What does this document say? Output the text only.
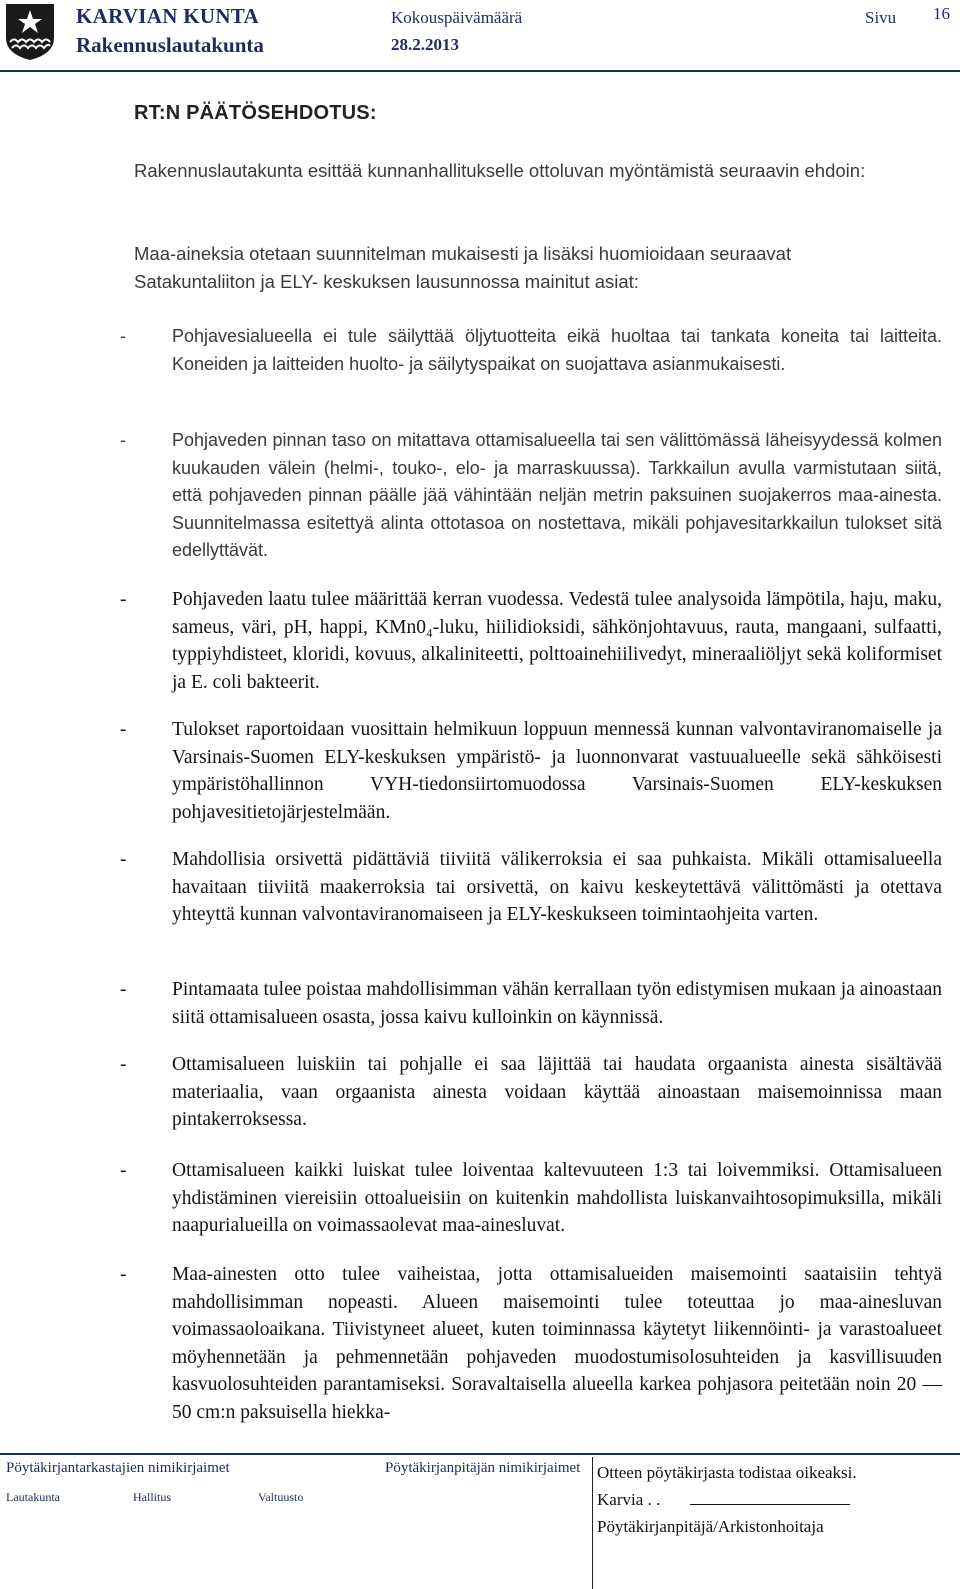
KARVIAN KUNTA
Rakennuslautakunta
Kokouspäivämäärä
28.2.2013
Sivu 16
RT:N PÄÄTÖSEHDOTUS:
Rakennuslautakunta esittää kunnanhallitukselle ottoluvan myöntämistä seuraavin ehdoin:
Maa-aineksia otetaan suunnitelman mukaisesti ja lisäksi huomioidaan seuraavat Satakuntaliiton ja ELY- keskuksen lausunnossa mainitut asiat:
-	Pohjavesialueella ei tule säilyttää öljytuotteita eikä huoltaa tai tankata koneita tai laitteita. Koneiden ja laitteiden huolto- ja säilytyspaikat on suojattava asianmukaisesti.
-	Pohjaveden pinnan taso on mitattava ottamisalueella tai sen välittömässä läheisyydessä kolmen kuukauden välein (helmi-, touko-, elo- ja marraskuussa). Tarkkailun avulla varmistutaan siitä, että pohjaveden pinnan päälle jää vähintään neljän metrin paksuinen suojakerros maa-ainesta. Suunnitelmassa esitettyä alinta ottotasoa on nostettava, mikäli pohjavesitarkkailun tulokset sitä edellyttävät.
-	Pohjaveden laatu tulee määrittää kerran vuodessa. Vedestä tulee analysoida lämpötila, haju, maku, sameus, väri, pH, happi, KMn0₄-luku, hiilidioksidi, sähkönjohtavuus, rauta, mangaani, sulfaatti, typpiyhdisteet, kloridi, kovuus, alkaliniteetti, polttoainehiilivedyt, mineraaliöljyt sekä koliformiset ja E. coli bakteerit.
-	Tulokset raportoidaan vuosittain helmikuun loppuun mennessä kunnan valvontaviranomaiselle ja Varsinais-Suomen ELY-keskuksen ympäristö- ja luonnonvarat vastuualueelle sekä sähköisesti ympäristöhallinnon VYH-tiedonsiirtomuodossa Varsinais-Suomen ELY-keskuksen pohjavesitietojärjestelmään.
-	Mahdollisia orsivettä pidättäviä tiiviitä välikerroksia ei saa puhkaista. Mikäli ottamisalueella havaitaan tiiviitä maakerroksia tai orsivettä, on kaivu keskeytettävä välittömästi ja otettava yhteyttä kunnan valvontaviranomaiseen ja ELY-keskukseen toimintaohjeita varten.
-	Pintamaata tulee poistaa mahdollisimman vähän kerrallaan työn edistymisen mukaan ja ainoastaan siitä ottamisalueen osasta, jossa kaivu kulloinkin on käynnissä.
-	Ottamisalueen luiskiin tai pohjalle ei saa läjittää tai haudata orgaanista ainesta sisältävää materiaalia, vaan orgaanista ainesta voidaan käyttää ainoastaan maisemoinnissa maan pintakerroksessa.
-	Ottamisalueen kaikki luiskat tulee loiventaa kaltevuuteen 1:3 tai loivemmiksi. Ottamisalueen yhdistäminen viereisiin ottoalueisiin on kuitenkin mahdollista luiskanvaihtosopimuksilla, mikäli naapurialueilla on voimassaolevat maa-ainesluvat.
-	Maa-ainesten otto tulee vaiheistaa, jotta ottamisalueiden maisemointi saataisiin tehtyä mahdollisimman nopeasti. Alueen maisemointi tulee toteuttaa jo maa-ainesluvan voimassaoloaikana. Tiivistyneet alueet, kuten toiminnassa käytetyt liikennöinti- ja varastoalueet möyhennetään ja pehmennetään pohjaveden muodostumisolosuhteiden ja kasvillisuuden kasvuolosuhteiden parantamiseksi. Soravaltaisella alueella karkea pohjasora peitetään noin 20 — 50 cm:n paksuisella hiekka-
Pöytäkirjantarkastajien nimikirjaimet	Pöytäkirjanpitäjän nimikirjaimet
Lautakunta	Hallitus	Valtuusto
Otteen pöytäkirjasta todistaa oikeaksi.
Karvia . .
Pöytäkirjanpitäjä/Arkistonhoitaja
